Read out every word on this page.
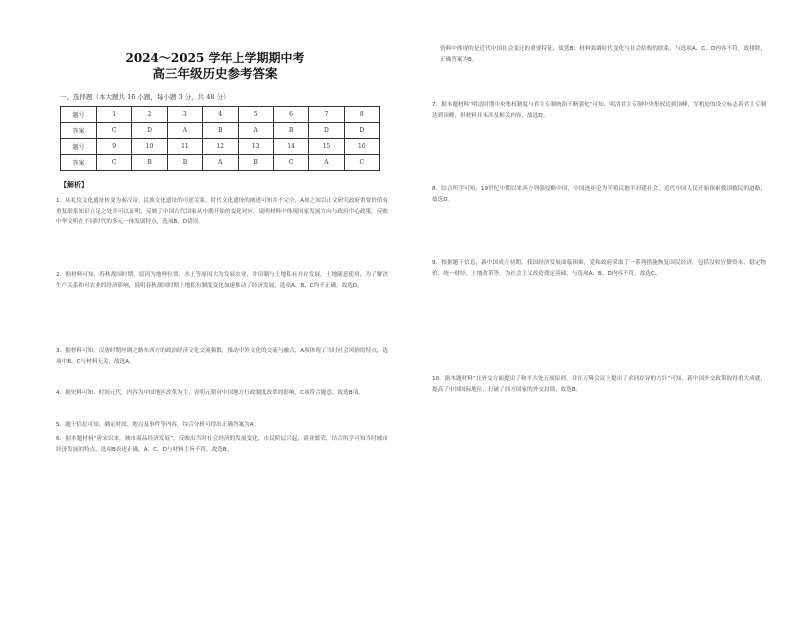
2024～2025 学年上学期期中考
高三年级历史参考答案
一、选择题（本大题共 16 小题，每小题 3 分，共 48 分）
题号	1	2	3	4	5	6	7	8
答案	C	D	A	B	A	B	D	D
题号	9	10	11	12	13	14	15	16
答案	C	B	B	A	B	C	A	C
【解析】
1．从礼仪文化遗址转变为秦汉帝、民族文化遗址的可逆关系，时代文化遗址的阐述可知并不完全，A项之间以正文研究政府重要价值有重复联系知识立足之处并可以证明，反映了中国古代国家从中期开始的变化对应。说明材料中体现国家发展方向与政府中心政策，反映中华文明在不同时代的多元一体发展特点，选项B、D错误。
2．据材料可知，春秋战国时期，原因为地理位置、水土等原因大为发展农业，井田制与土地私有并存发展，土地随意使用，为了解决生产关系和对农业的经济影响，说明春秋战国时期土地私有制度变化加速推动了经济发展，选项A、B、C均不正确，故选D。
3．据材料可知，汉唐时期丝绸之路东西方的政治经济文化交流频繁，推动中外文化的交流与融合，A项体现了当时社会风俗的特点，选项中B、C与材料无关，故选A。
4．据史料可知，时间元代，内容为中国地区改革为主，表明元朝对中国地方行政制度改革的影响，C项符合题意，故选B项。
5．题干信息可知，确定时间、地点及事件等内容，综合分析可得出正确答案为A。
6．据本题材料“唐宋以来，城市商品经济发展”，反映出当时社会经济的发展变化，市民阶层兴起，商业繁荣，结合所学可知当时城市经济发展的特点，选项B表述正确，A、C、D与材料主旨不符，故选B。
资料中体现的是近代中国社会变迁的重要特征，故选B；材料强调时代变化与社会结构的联系，与选项A、C、D内容不符，故排除，正确答案为B。
7．据本题材料“明清时期中央集权制度与君主专制统治不断强化”可知，明清君主专制中央集权达到顶峰，军机处的设立标志着君主专制达到顶峰，但材料并未涉及相关内容，故选D。
8．结合所学可知，19世纪中期以来西方列强侵略中国，中国逐步沦为半殖民地半封建社会，近代中国人民开始探索救国救民的道路，故选D。
9．根据题干信息，新中国成立初期，我国经济发展面临困难，党和政府采取了一系列措施恢复国民经济，包括没收官僚资本、稳定物价、统一财经、土地改革等，为社会主义改造奠定基础，与选项A、B、D内容不符，故选C。
10．据本题材料“在外交方面提出了和平共处五项原则，并在万隆会议上提出了求同存异的方针”可知，新中国外交政策取得重大成就，提高了中国国际地位，打破了西方国家的外交封锁，故选B。
